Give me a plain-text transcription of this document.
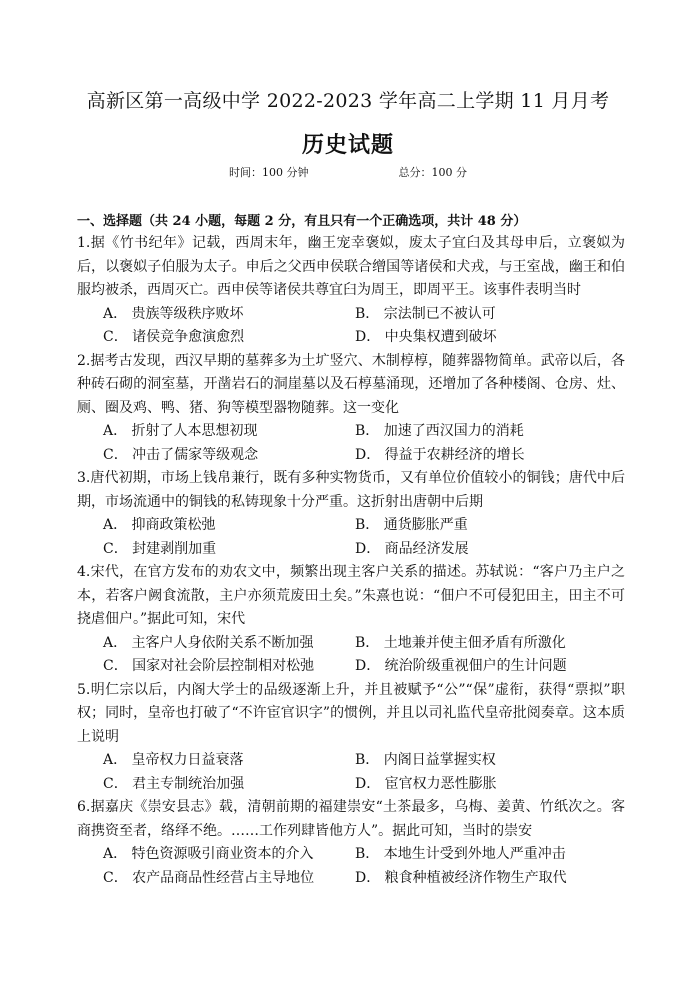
高新区第一高级中学 2022-2023 学年高二上学期 11 月月考
历史试题
时间：100 分钟	总分：100 分
一、选择题（共 24 小题，每题 2 分，有且只有一个正确选项，共计 48 分）

1.据《竹书纪年》记载，西周末年，幽王宠幸褒姒，废太子宜臼及其母申后，立褒姒为后，以褒姒子伯服为太子。申后之父西申侯联合缯国等诸侯和犬戎，与王室战，幽王和伯服均被杀，西周灭亡。西申侯等诸侯共尊宜臼为周王，即周平王。该事件表明当时

A． 贵族等级秩序败坏	B． 宗法制已不被认可
C． 诸侯竞争愈演愈烈	D． 中央集权遭到破坏

2.据考古发现，西汉早期的墓葬多为土圹竖穴、木制椁椁，随葬器物简单。武帝以后，各种砖石砌的洞室墓，开凿岩石的洞崖墓以及石椁墓涌现，还增加了各种楼阁、仓房、灶、厕、圈及鸡、鸭、猪、狗等模型器物随葬。这一变化

A． 折射了人本思想初现	B． 加速了西汉国力的消耗
C． 冲击了儒家等级观念	D． 得益于农耕经济的增长

3.唐代初期，市场上钱帛兼行，既有多种实物货币，又有单位价值较小的铜钱；唐代中后期，市场流通中的铜钱的私铸现象十分严重。这折射出唐朝中后期

A． 抑商政策松弛	B． 通货膨胀严重
C． 封建剥削加重	D． 商品经济发展

4.宋代，在官方发布的劝农文中，频繁出现主客户关系的描述。苏轼说：“客户乃主户之本，若客户阙食流散，主户亦须荒废田土矣。”朱熹也说：“佃户不可侵犯田主，田主不可挠虐佃户。”据此可知，宋代

A． 主客户人身依附关系不断加强	B． 土地兼并使主佃矛盾有所激化
C． 国家对社会阶层控制相对松弛	D． 统治阶级重视佃户的生计问题

5.明仁宗以后，内阁大学士的品级逐渐上升，并且被赋予“公”“保”虚衔，获得“票拟”职权；同时，皇帝也打破了“不许宦官识字”的惯例，并且以司礼监代皇帝批阅奏章。这本质上说明

A． 皇帝权力日益衰落	B． 内阁日益掌握实权
C． 君主专制统治加强	D． 宦官权力恶性膨胀

6.据嘉庆《崇安县志》载，清朝前期的福建崇安“土茶最多，乌梅、姜黄、竹纸次之。客商携资至者，络绎不绝。……工作列肆皆他方人”。据此可知，当时的崇安

A． 特色资源吸引商业资本的介入	B． 本地生计受到外地人严重冲击
C． 农产品商品性经营占主导地位	D． 粮食种植被经济作物生产取代
